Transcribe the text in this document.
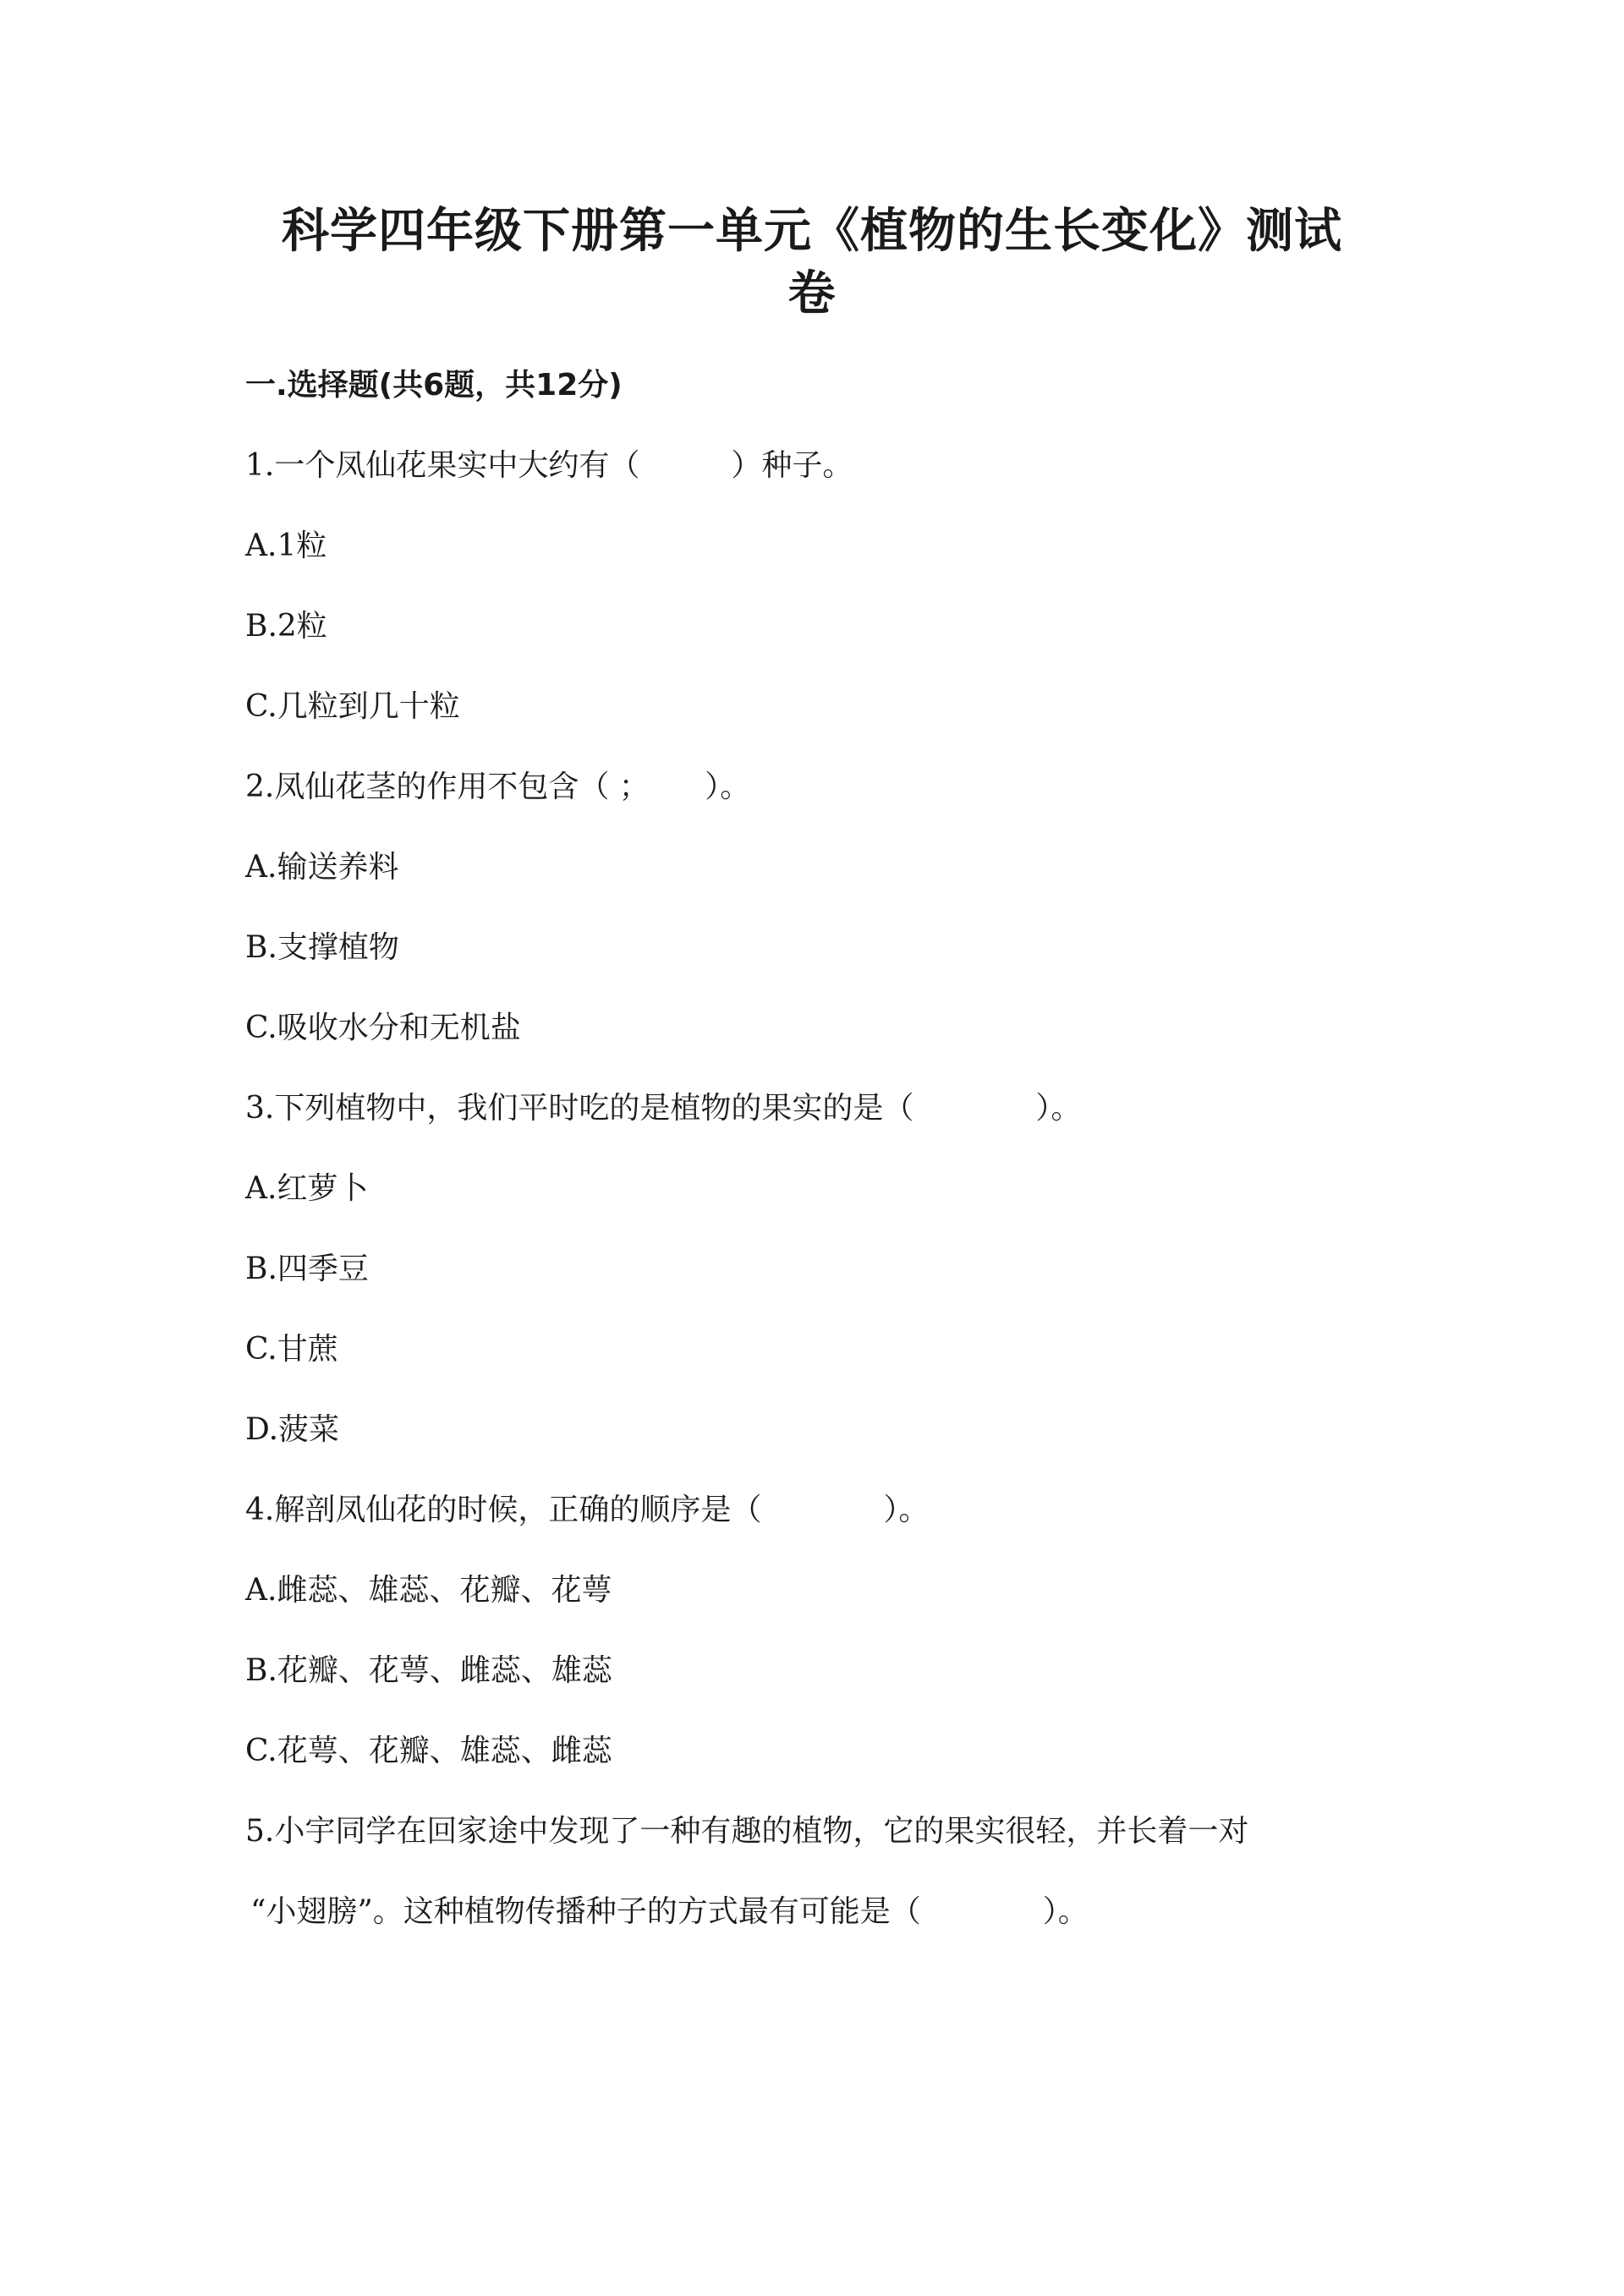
科学四年级下册第一单元《植物的生长变化》测试
卷
一.选择题(共6题，共12分)
1.一个凤仙花果实中大约有（　　　）种子。
A.1粒
B.2粒
C.几粒到几十粒
2.凤仙花茎的作用不包含（ ；　　 ）。
A.输送养料
B.支撑植物
C.吸收水分和无机盐
3.下列植物中，我们平时吃的是植物的果实的是（　　　　）。
A.红萝卜
B.四季豆
C.甘蔗
D.菠菜
4.解剖凤仙花的时候，正确的顺序是（　　　　）。
A.雌蕊、雄蕊、花瓣、花萼
B.花瓣、花萼、雌蕊、雄蕊
C.花萼、花瓣、雄蕊、雌蕊
5.小宇同学在回家途中发现了一种有趣的植物，它的果实很轻，并长着一对
“小翅膀”。这种植物传播种子的方式最有可能是（　　　　）。
